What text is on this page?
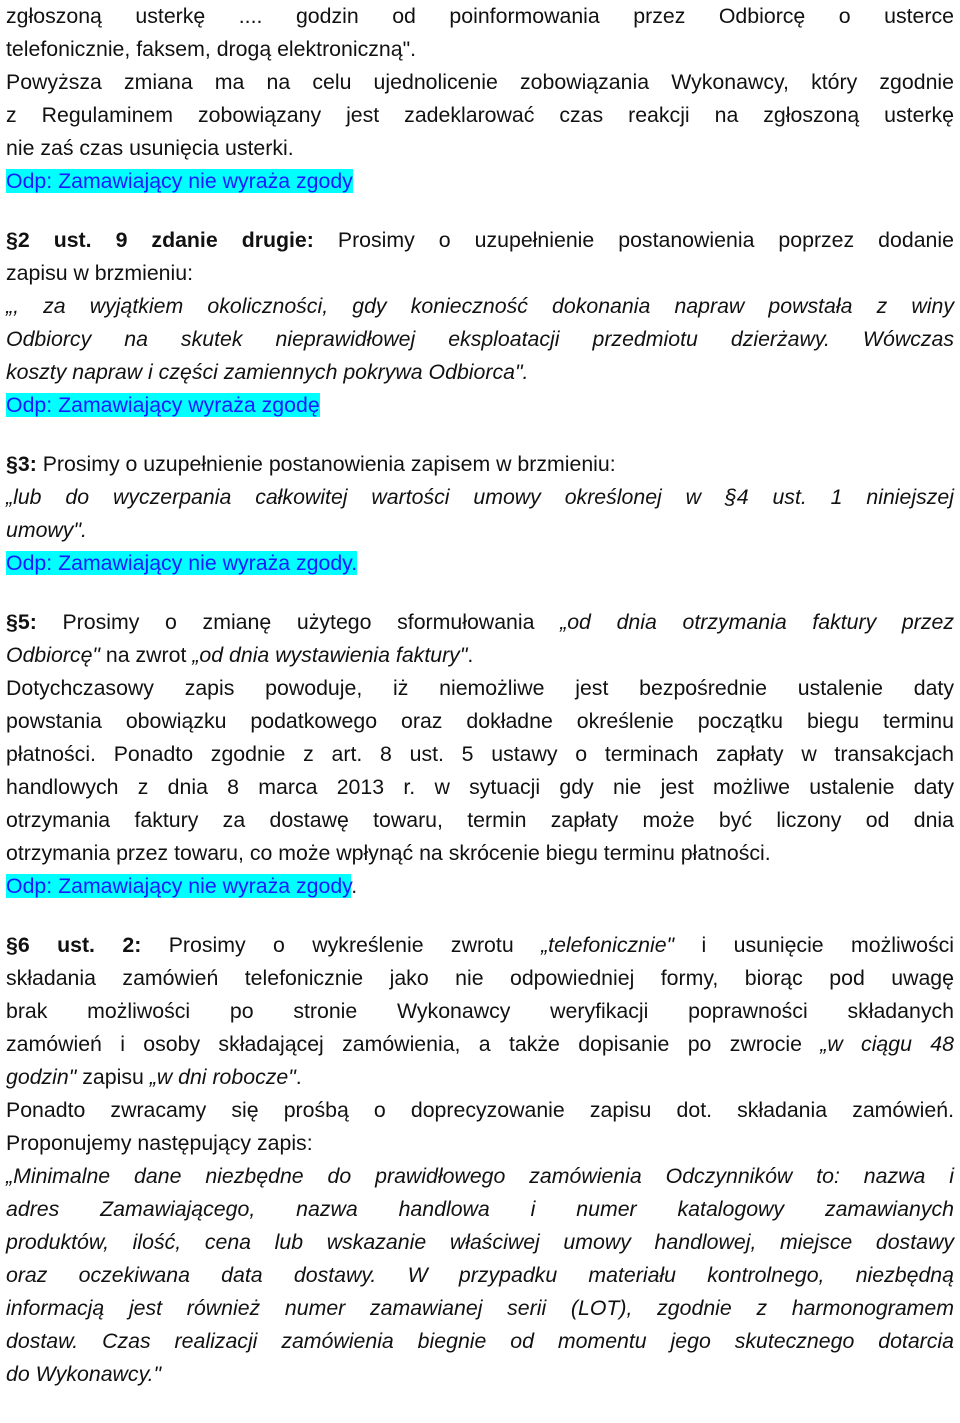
zgłoszoną usterkę .... godzin od poinformowania przez Odbiorcę o usterce
telefonicznie, faksem, drogą elektroniczną".
Powyższa zmiana ma na celu ujednolicenie zobowiązania Wykonawcy, który zgodnie
z Regulaminem zobowiązany jest zadeklarować czas reakcji na zgłoszoną usterkę
nie zaś czas usunięcia usterki.
Odp: Zamawiający nie wyraża zgody
§2 ust. 9 zdanie drugie: Prosimy o uzupełnienie postanowienia poprzez dodanie
zapisu w brzmieniu:
„, za wyjątkiem okoliczności, gdy konieczność dokonania napraw powstała z winy
Odbiorcy na skutek nieprawidłowej eksploatacji przedmiotu dzierżawy. Wówczas
koszty napraw i części zamiennych pokrywa Odbiorca".
Odp: Zamawiający wyraża zgodę
§3: Prosimy o uzupełnienie postanowienia zapisem w brzmieniu:
„lub do wyczerpania całkowitej wartości umowy określonej w §4 ust. 1 niniejszej
umowy".
Odp: Zamawiający nie wyraża zgody.
§5: Prosimy o zmianę użytego sformułowania „od dnia otrzymania faktury przez
Odbiorcę" na zwrot „od dnia wystawienia faktury".
Dotychczasowy zapis powoduje, iż niemożliwe jest bezpośrednie ustalenie daty
powstania obowiązku podatkowego oraz dokładne określenie początku biegu terminu
płatności. Ponadto zgodnie z art. 8 ust. 5 ustawy o terminach zapłaty w transakcjach
handlowych z dnia 8 marca 2013 r. w sytuacji gdy nie jest możliwe ustalenie daty
otrzymania faktury za dostawę towaru, termin zapłaty może być liczony od dnia
otrzymania przez towaru, co może wpłynąć na skrócenie biegu terminu płatności.
Odp: Zamawiający nie wyraża zgody.
§6 ust. 2: Prosimy o wykreślenie zwrotu „telefonicznie" i usunięcie możliwości
składania zamówień telefonicznie jako nie odpowiedniej formy, biorąc pod uwagę
brak możliwości po stronie Wykonawcy weryfikacji poprawności składanych
zamówień i osoby składającej zamówienia, a także dopisanie po zwrocie „w ciągu 48
godzin" zapisu „w dni robocze".
Ponadto zwracamy się prośbą o doprecyzowanie zapisu dot. składania zamówień.
Proponujemy następujący zapis:
„Minimalne dane niezbędne do prawidłowego zamówienia Odczynników to: nazwa i
adres Zamawiającego, nazwa handlowa i numer katalogowy zamawianych
produktów, ilość, cena lub wskazanie właściwej umowy handlowej, miejsce dostawy
oraz oczekiwana data dostawy. W przypadku materiału kontrolnego, niezbędną
informacją jest również numer zamawianej serii (LOT), zgodnie z harmonogramem
dostaw. Czas realizacji zamówienia biegnie od momentu jego skutecznego dotarcia
do Wykonawcy."
